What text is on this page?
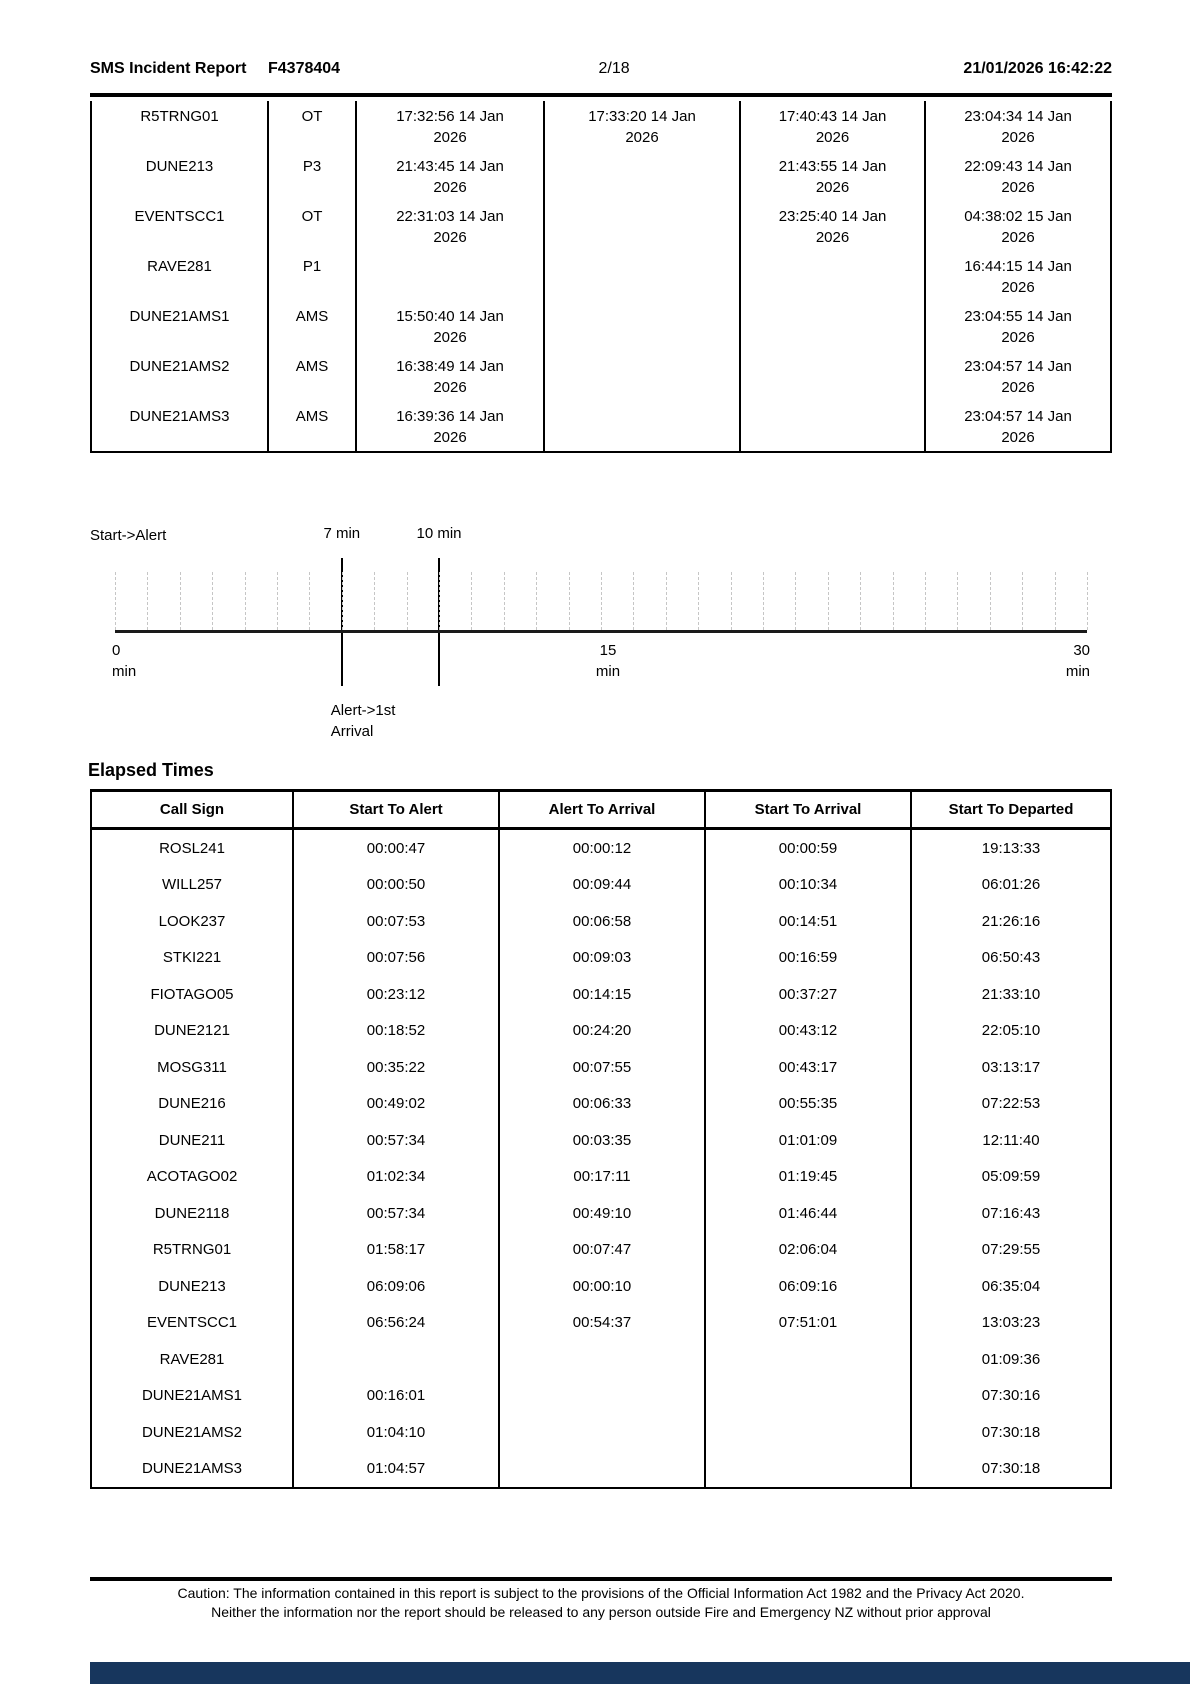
SMS Incident Report F4378404	2/18	21/01/2026 16:42:22
R5TRNG01	OT	17:32:56 14 Jan 2026	17:33:20 14 Jan 2026	17:40:43 14 Jan 2026	23:04:34 14 Jan 2026
DUNE213	P3	21:43:45 14 Jan 2026		21:43:55 14 Jan 2026	22:09:43 14 Jan 2026
EVENTSCC1	OT	22:31:03 14 Jan 2026		23:25:40 14 Jan 2026	04:38:02 15 Jan 2026
RAVE281	P1				16:44:15 14 Jan 2026
DUNE21AMS1	AMS	15:50:40 14 Jan 2026			23:04:55 14 Jan 2026
DUNE21AMS2	AMS	16:38:49 14 Jan 2026			23:04:57 14 Jan 2026
DUNE21AMS3	AMS	16:39:36 14 Jan 2026			23:04:57 14 Jan 2026
Start->Alert	7 min	10 min
0
min
15
min
30
min
Alert->1st
Arrival
Elapsed Times
Call Sign	Start To Alert	Alert To Arrival	Start To Arrival	Start To Departed
ROSL241	00:00:47	00:00:12	00:00:59	19:13:33
WILL257	00:00:50	00:09:44	00:10:34	06:01:26
LOOK237	00:07:53	00:06:58	00:14:51	21:26:16
STKI221	00:07:56	00:09:03	00:16:59	06:50:43
FIOTAGO05	00:23:12	00:14:15	00:37:27	21:33:10
DUNE2121	00:18:52	00:24:20	00:43:12	22:05:10
MOSG311	00:35:22	00:07:55	00:43:17	03:13:17
DUNE216	00:49:02	00:06:33	00:55:35	07:22:53
DUNE211	00:57:34	00:03:35	01:01:09	12:11:40
ACOTAGO02	01:02:34	00:17:11	01:19:45	05:09:59
DUNE2118	00:57:34	00:49:10	01:46:44	07:16:43
R5TRNG01	01:58:17	00:07:47	02:06:04	07:29:55
DUNE213	06:09:06	00:00:10	06:09:16	06:35:04
EVENTSCC1	06:56:24	00:54:37	07:51:01	13:03:23
RAVE281				01:09:36
DUNE21AMS1	00:16:01			07:30:16
DUNE21AMS2	01:04:10			07:30:18
DUNE21AMS3	01:04:57			07:30:18
Caution: The information contained in this report is subject to the provisions of the Official Information Act 1982 and the Privacy Act 2020.
Neither the information nor the report should be released to any person outside Fire and Emergency NZ without prior approval
